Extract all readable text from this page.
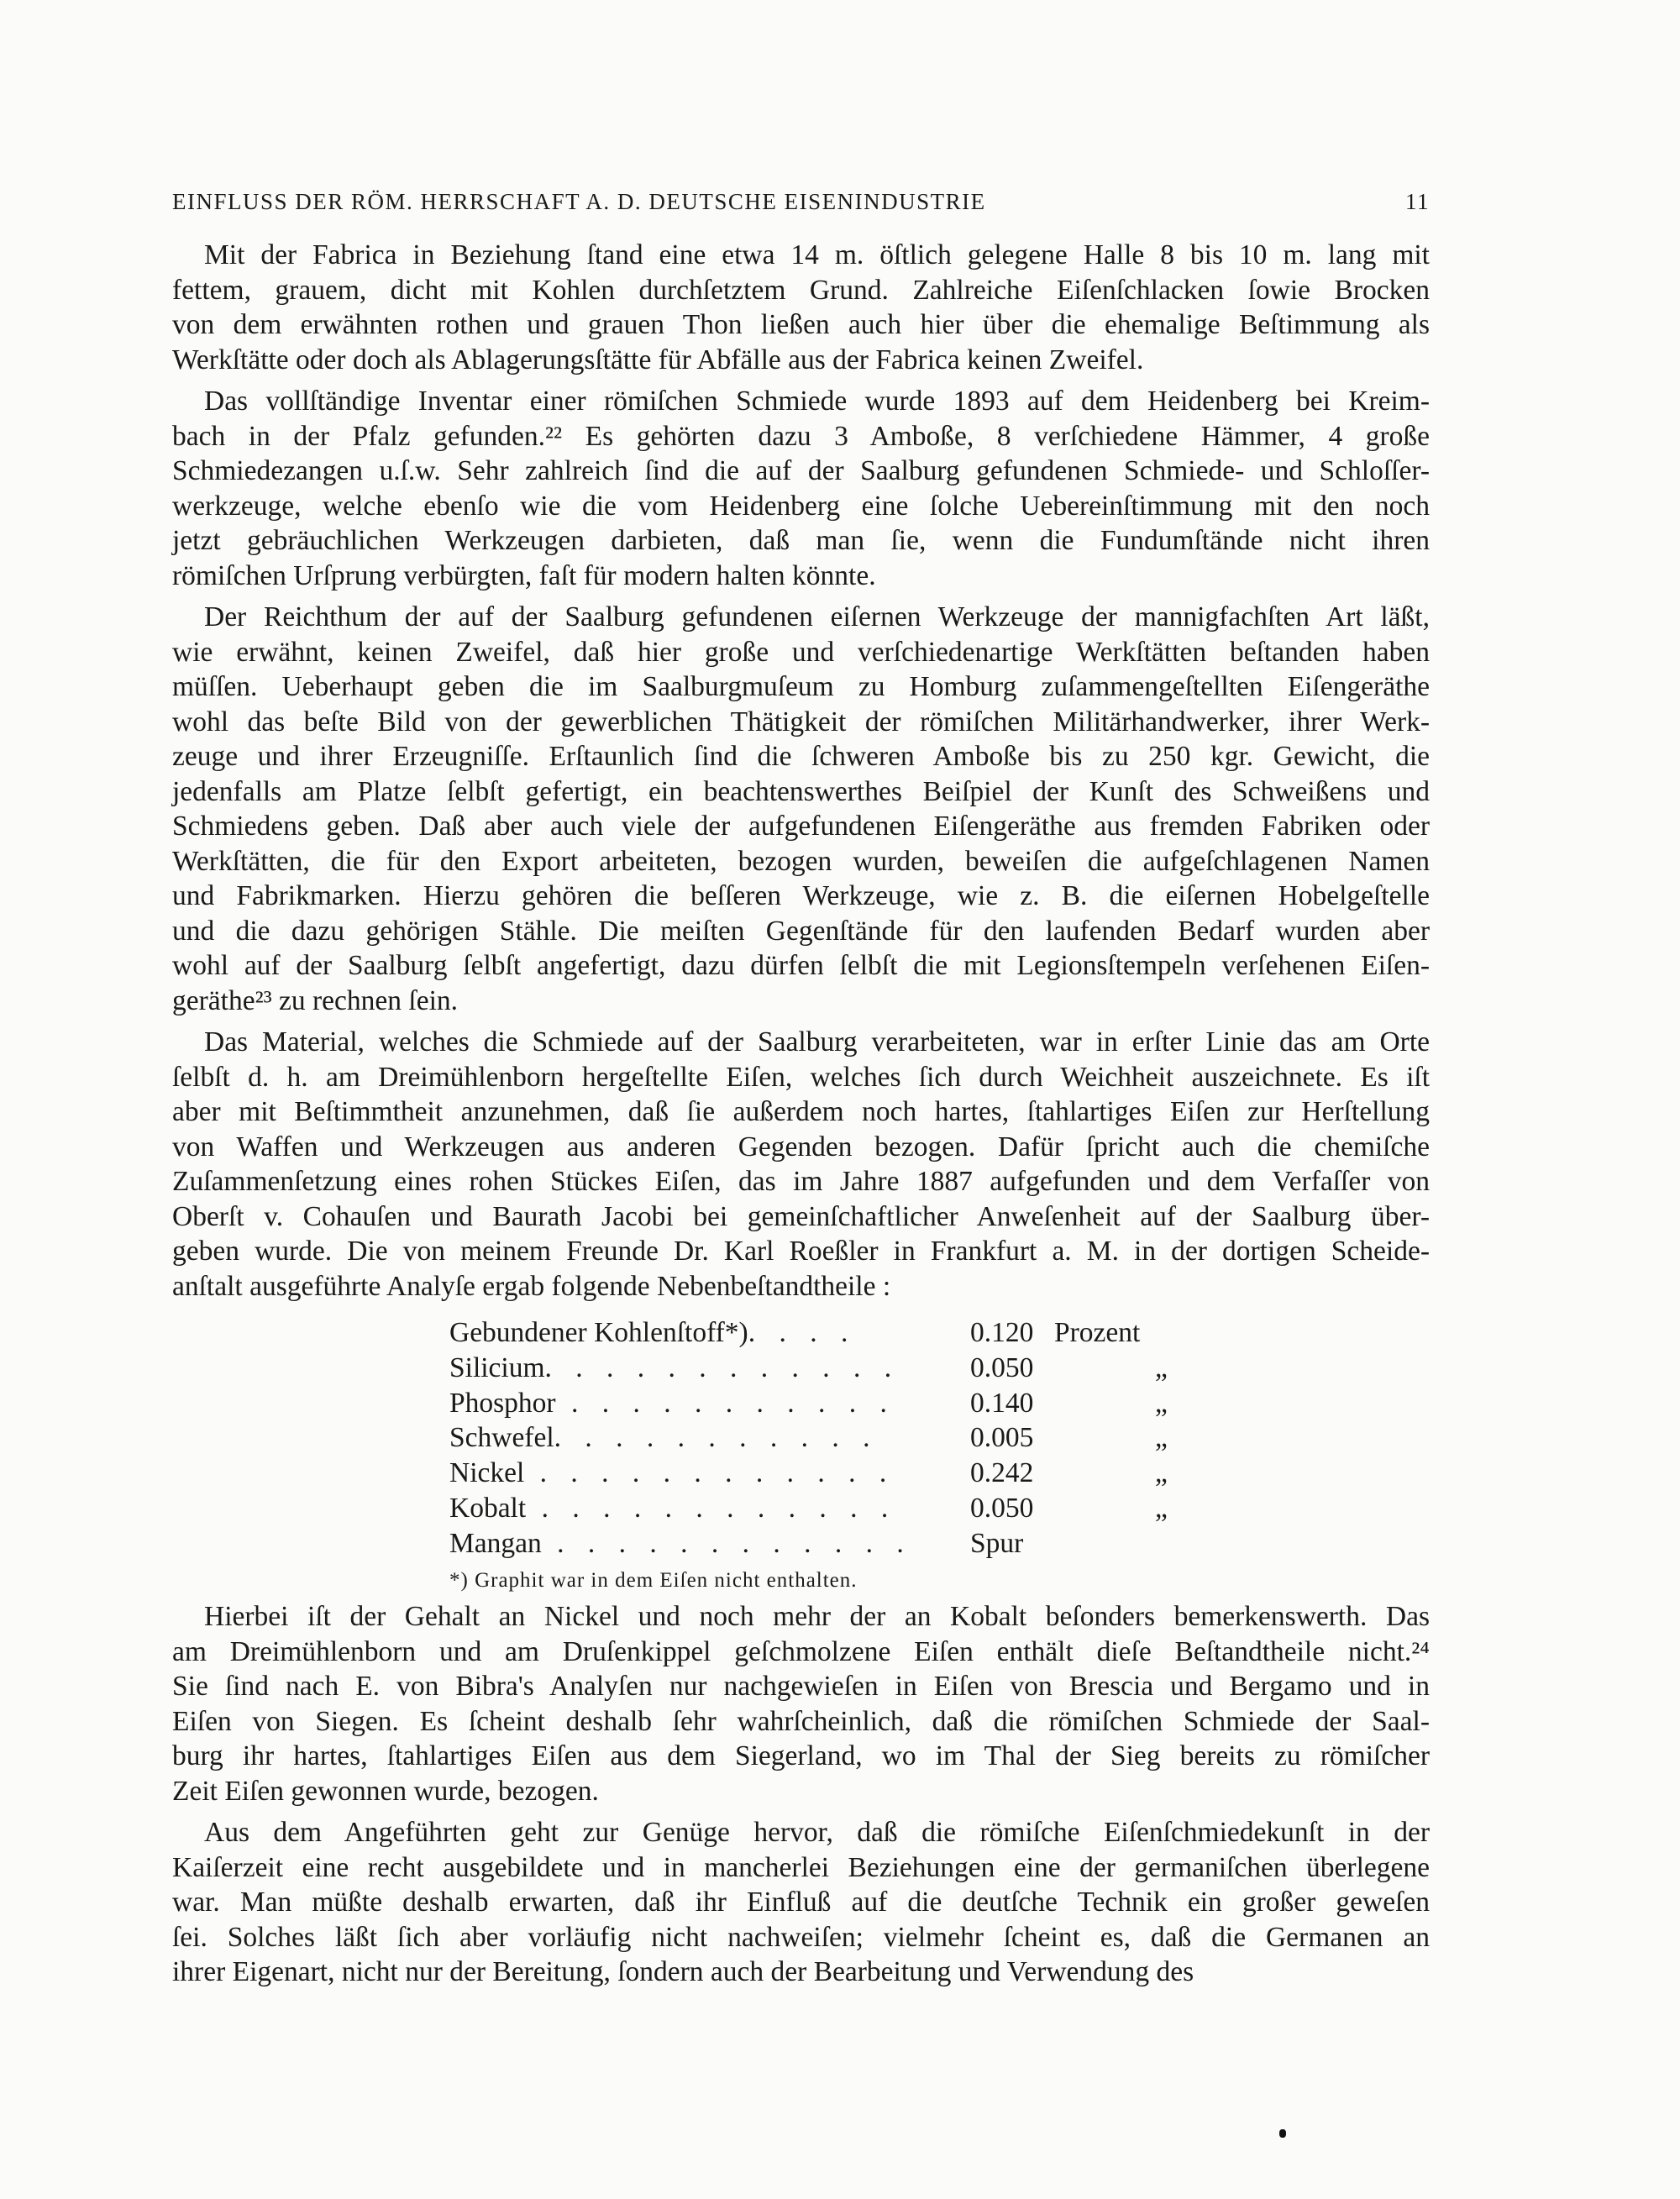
EINFLUSS DER RÖM. HERRSCHAFT A. D. DEUTSCHE EISENINDUSTRIE	11

Mit der Fabrica in Beziehung ſtand eine etwa 14 m. öſtlich gelegene Halle 8 bis 10 m. lang mit
fettem, grauem, dicht mit Kohlen durchſetztem Grund. Zahlreiche Eiſenſchlacken ſowie Brocken
von dem erwähnten rothen und grauen Thon ließen auch hier über die ehemalige Beſtimmung als
Werkſtätte oder doch als Ablagerungsſtätte für Abfälle aus der Fabrica keinen Zweifel.

Das vollſtändige Inventar einer römiſchen Schmiede wurde 1893 auf dem Heidenberg bei Kreim-
bach in der Pfalz gefunden.²² Es gehörten dazu 3 Amboße, 8 verſchiedene Hämmer, 4 große
Schmiedezangen u.ſ.w. Sehr zahlreich ſind die auf der Saalburg gefundenen Schmiede- und Schloſſer-
werkzeuge, welche ebenſo wie die vom Heidenberg eine ſolche Uebereinſtimmung mit den noch
jetzt gebräuchlichen Werkzeugen darbieten, daß man ſie, wenn die Fundumſtände nicht ihren
römiſchen Urſprung verbürgten, faſt für modern halten könnte.

Der Reichthum der auf der Saalburg gefundenen eiſernen Werkzeuge der mannigfachſten Art läßt,
wie erwähnt, keinen Zweifel, daß hier große und verſchiedenartige Werkſtätten beſtanden haben
müſſen. Ueberhaupt geben die im Saalburgmuſeum zu Homburg zuſammengeſtellten Eiſengeräthe
wohl das beſte Bild von der gewerblichen Thätigkeit der römiſchen Militärhandwerker, ihrer Werk-
zeuge und ihrer Erzeugniſſe. Erſtaunlich ſind die ſchweren Amboße bis zu 250 kgr. Gewicht, die
jedenfalls am Platze ſelbſt gefertigt, ein beachtenswerthes Beiſpiel der Kunſt des Schweißens und
Schmiedens geben. Daß aber auch viele der aufgefundenen Eiſengeräthe aus fremden Fabriken oder
Werkſtätten, die für den Export arbeiteten, bezogen wurden, beweiſen die aufgeſchlagenen Namen
und Fabrikmarken. Hierzu gehören die beſſeren Werkzeuge, wie z. B. die eiſernen Hobelgeſtelle
und die dazu gehörigen Stähle. Die meiſten Gegenſtände für den laufenden Bedarf wurden aber
wohl auf der Saalburg ſelbſt angefertigt, dazu dürfen ſelbſt die mit Legionsſtempeln verſehenen Eiſen-
geräthe²³ zu rechnen ſein.

Das Material, welches die Schmiede auf der Saalburg verarbeiteten, war in erſter Linie das am Orte
ſelbſt d. h. am Dreimühlenborn hergeſtellte Eiſen, welches ſich durch Weichheit auszeichnete. Es iſt
aber mit Beſtimmtheit anzunehmen, daß ſie außerdem noch hartes, ſtahlartiges Eiſen zur Herſtellung
von Waffen und Werkzeugen aus anderen Gegenden bezogen. Dafür ſpricht auch die chemiſche
Zuſammenſetzung eines rohen Stückes Eiſen, das im Jahre 1887 aufgefunden und dem Verfaſſer von
Oberſt v. Cohauſen und Baurath Jacobi bei gemeinſchaftlicher Anweſenheit auf der Saalburg über-
geben wurde. Die von meinem Freunde Dr. Karl Roeßler in Frankfurt a. M. in der dortigen Scheide-
anſtalt ausgeführte Analyſe ergab folgende Nebenbeſtandtheile :

Gebundener Kohlenſtoff*). . . .	0.120 Prozent
Silicium. . . . . . . . . . . .	0.050	„
Phosphor . . . . . . . . . . .	0.140	„
Schwefel. . . . . . . . . . .	0.005	„
Nickel . . . . . . . . . . . .	0.242	„
Kobalt . . . . . . . . . . . .	0.050	„
Mangan . . . . . . . . . . . .	Spur
*) Graphit war in dem Eiſen nicht enthalten.

Hierbei iſt der Gehalt an Nickel und noch mehr der an Kobalt beſonders bemerkenswerth. Das
am Dreimühlenborn und am Druſenkippel geſchmolzene Eiſen enthält dieſe Beſtandtheile nicht.²⁴
Sie ſind nach E. von Bibra's Analyſen nur nachgewieſen in Eiſen von Brescia und Bergamo und in
Eiſen von Siegen. Es ſcheint deshalb ſehr wahrſcheinlich, daß die römiſchen Schmiede der Saal-
burg ihr hartes, ſtahlartiges Eiſen aus dem Siegerland, wo im Thal der Sieg bereits zu römiſcher
Zeit Eiſen gewonnen wurde, bezogen.

Aus dem Angeführten geht zur Genüge hervor, daß die römiſche Eiſenſchmiedekunſt in der
Kaiſerzeit eine recht ausgebildete und in mancherlei Beziehungen eine der germaniſchen überlegene
war. Man müßte deshalb erwarten, daß ihr Einfluß auf die deutſche Technik ein großer geweſen
ſei. Solches läßt ſich aber vorläufig nicht nachweiſen; vielmehr ſcheint es, daß die Germanen an
ihrer Eigenart, nicht nur der Bereitung, ſondern auch der Bearbeitung und Verwendung des
